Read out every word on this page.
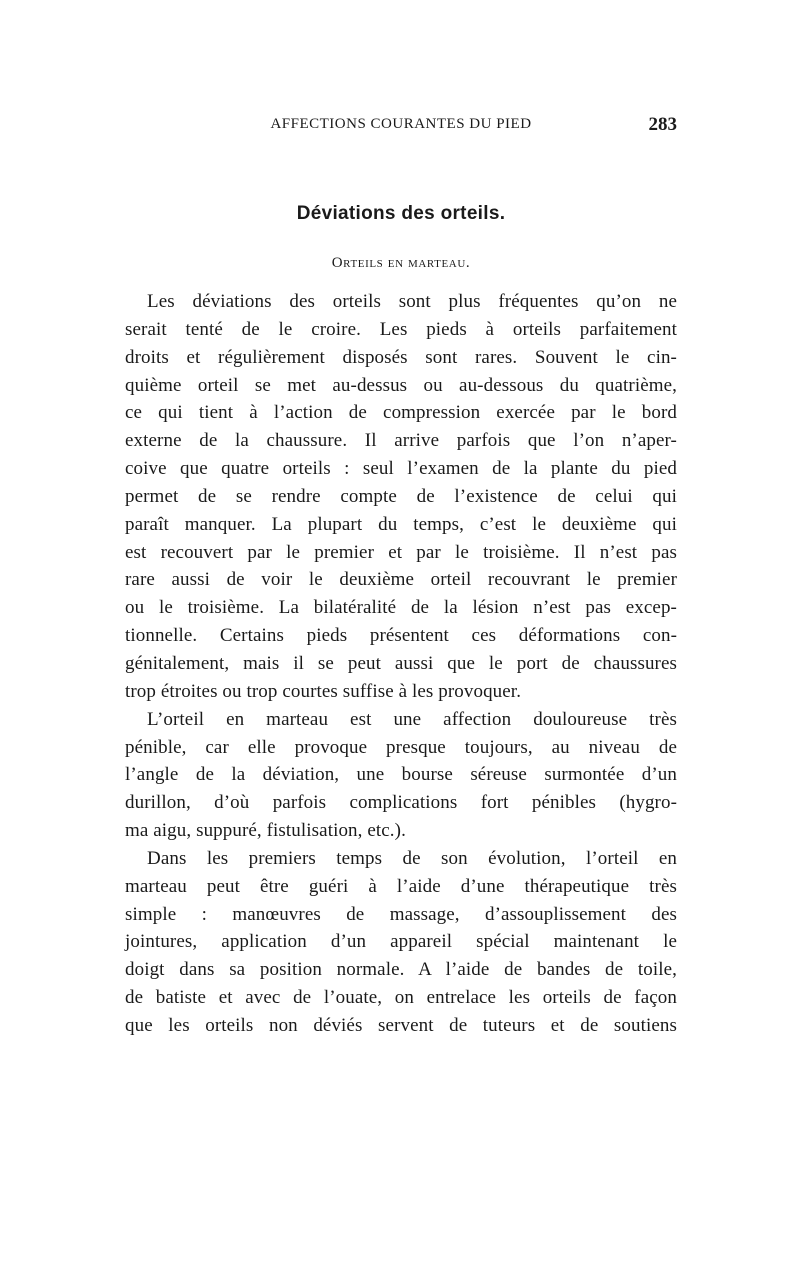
AFFECTIONS COURANTES DU PIED	283
Déviations des orteils.
Orteils en marteau.
Les déviations des orteils sont plus fréquentes qu’on ne
serait tenté de le croire. Les pieds à orteils parfaitement
droits et régulièrement disposés sont rares. Souvent le cin-
quième orteil se met au-dessus ou au-dessous du quatrième,
ce qui tient à l’action de compression exercée par le bord
externe de la chaussure. Il arrive parfois que l’on n’aper-
coive que quatre orteils : seul l’examen de la plante du pied
permet de se rendre compte de l’existence de celui qui
paraît manquer. La plupart du temps, c’est le deuxième qui
est recouvert par le premier et par le troisième. Il n’est pas
rare aussi de voir le deuxième orteil recouvrant le premier
ou le troisième. La bilatéralité de la lésion n’est pas excep-
tionnelle. Certains pieds présentent ces déformations con-
génitalement, mais il se peut aussi que le port de chaussures
trop étroites ou trop courtes suffise à les provoquer.
L’orteil en marteau est une affection douloureuse très
pénible, car elle provoque presque toujours, au niveau de
l’angle de la déviation, une bourse séreuse surmontée d’un
durillon, d’où parfois complications fort pénibles (hygro-
ma aigu, suppuré, fistulisation, etc.).
Dans les premiers temps de son évolution, l’orteil en
marteau peut être guéri à l’aide d’une thérapeutique très
simple : manœuvres de massage, d’assouplissement des
jointures, application d’un appareil spécial maintenant le
doigt dans sa position normale. A l’aide de bandes de toile,
de batiste et avec de l’ouate, on entrelace les orteils de façon
que les orteils non déviés servent de tuteurs et de soutiens
